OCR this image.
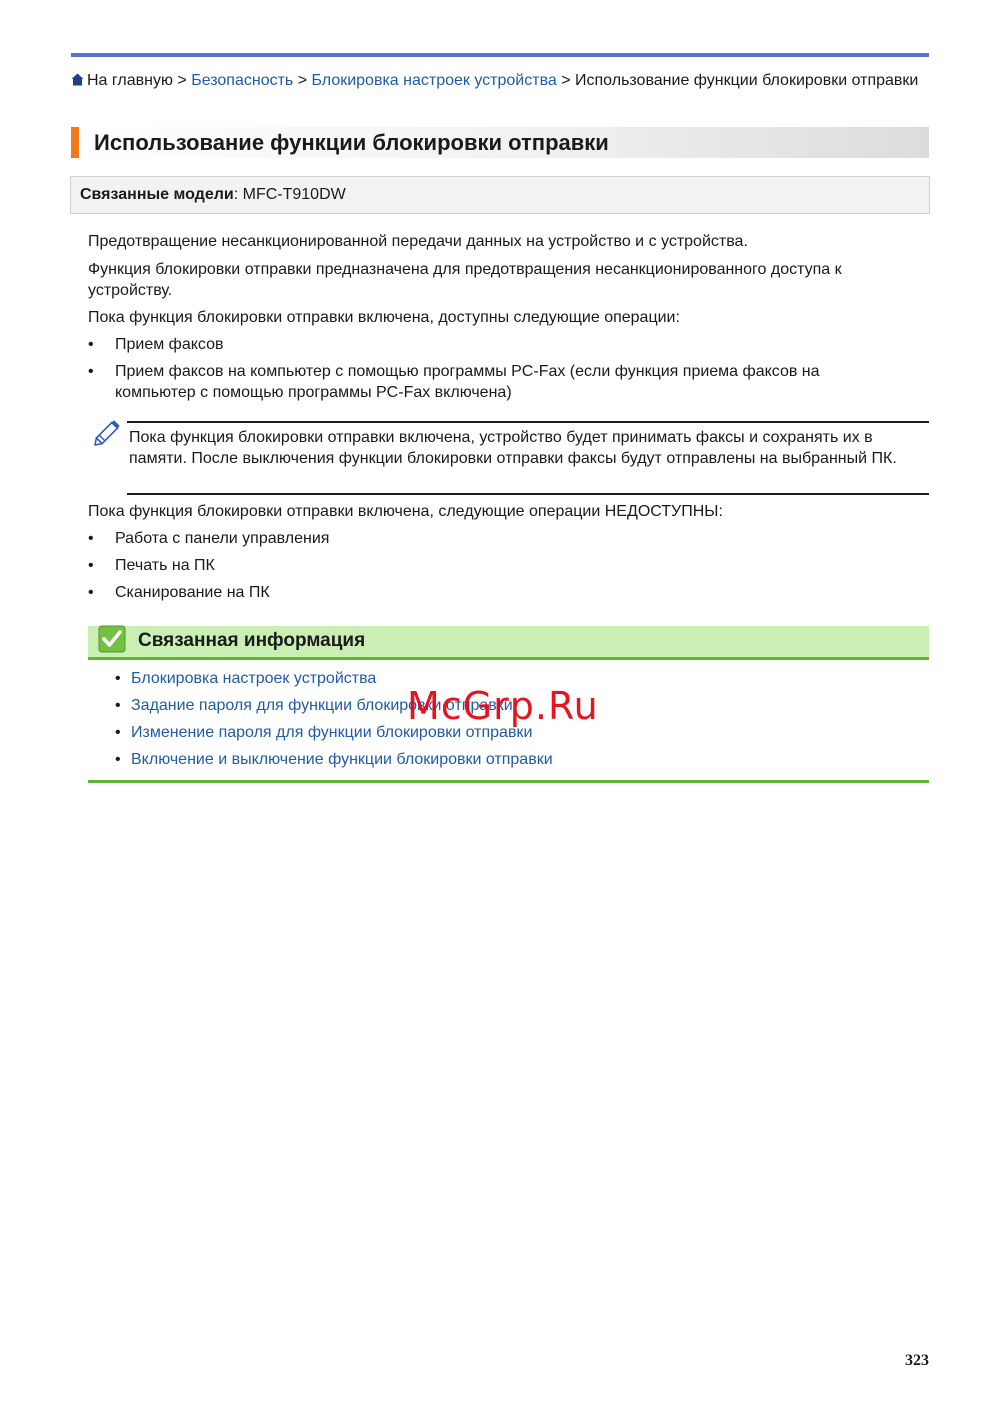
На главную > Безопасность > Блокировка настроек устройства > Использование функции блокировки отправки
Использование функции блокировки отправки
Связанные модели: MFC-T910DW

Предотвращение несанкционированной передачи данных на устройство и с устройства.

Функция блокировки отправки предназначена для предотвращения несанкционированного доступа к устройству.

Пока функция блокировки отправки включена, доступны следующие операции:

• Прием факсов
• Прием факсов на компьютер с помощью программы PC-Fax (если функция приема факсов на компьютер с помощью программы PC-Fax включена)
Пока функция блокировки отправки включена, устройство будет принимать факсы и сохранять их в памяти. После выключения функции блокировки отправки факсы будут отправлены на выбранный ПК.

Пока функция блокировки отправки включена, следующие операции НЕДОСТУПНЫ:

• Работа с панели управления
• Печать на ПК
• Сканирование на ПК
Связанная информация
• Блокировка настроек устройства
• Задание пароля для функции блокировки отправки
• Изменение пароля для функции блокировки отправки
• Включение и выключение функции блокировки отправки
McGrp.Ru
323
